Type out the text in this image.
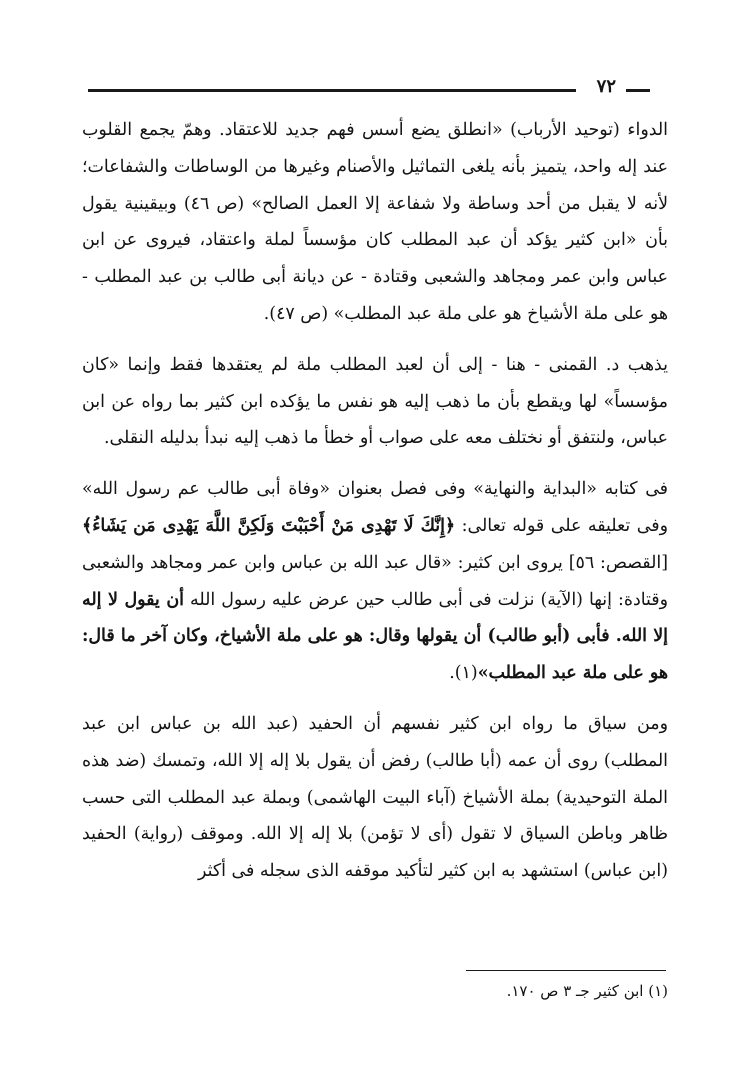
٧٢

الدواء (توحيد الأرباب) «انطلق يضع أسس فهم جديد للاعتقاد. وهمّ يجمع القلوب عند إله واحد، يتميز بأنه يلغى التماثيل والأصنام وغيرها من الوساطات والشفاعات؛ لأنه لا يقبل من أحد وساطة ولا شفاعة إلا العمل الصالح» (ص ٤٦) وبيقينية يقول بأن «ابن كثير يؤكد أن عبد المطلب كان مؤسساً لملة واعتقاد، فيروى عن ابن عباس وابن عمر ومجاهد والشعبى وقتادة - عن ديانة أبى طالب بن عبد المطلب - هو على ملة الأشياخ هو على ملة عبد المطلب» (ص ٤٧).

يذهب د. القمنى - هنا - إلى أن لعبد المطلب ملة لم يعتقدها فقط وإنما «كان مؤسساً» لها ويقطع بأن ما ذهب إليه هو نفس ما يؤكده ابن كثير بما رواه عن ابن عباس، ولنتفق أو نختلف معه على صواب أو خطأ ما ذهب إليه نبدأ بدليله النقلى.

فى كتابه «البداية والنهاية» وفى فصل بعنوان «وفاة أبى طالب عم رسول الله» وفى تعليقه على قوله تعالى: ﴿إِنَّكَ لَا تَهْدِى مَنْ أَحْبَبْتَ وَلَكِنَّ اللَّهَ يَهْدِى مَن يَشَاءُ﴾ [القصص: ٥٦] يروى ابن كثير: «قال عبد الله بن عباس وابن عمر ومجاهد والشعبى وقتادة: إنها (الآية) نزلت فى أبى طالب حين عرض عليه رسول الله أن يقول لا إله إلا الله. فأبى (أبو طالب) أن يقولها وقال: هو على ملة الأشياخ، وكان آخر ما قال: هو على ملة عبد المطلب»(١).

ومن سياق ما رواه ابن كثير نفسهم أن الحفيد (عبد الله بن عباس ابن عبد المطلب) روى أن عمه (أبا طالب) رفض أن يقول بلا إله إلا الله، وتمسك (ضد هذه الملة التوحيدية) بملة الأشياخ (آباء البيت الهاشمى) وبملة عبد المطلب التى حسب ظاهر وباطن السياق لا تقول (أى لا تؤمن) بلا إله إلا الله. وموقف (رواية) الحفيد (ابن عباس) استشهد به ابن كثير لتأكيد موقفه الذى سجله فى أكثر

(١) ابن كثير جـ ٣ ص ١٧٠.
